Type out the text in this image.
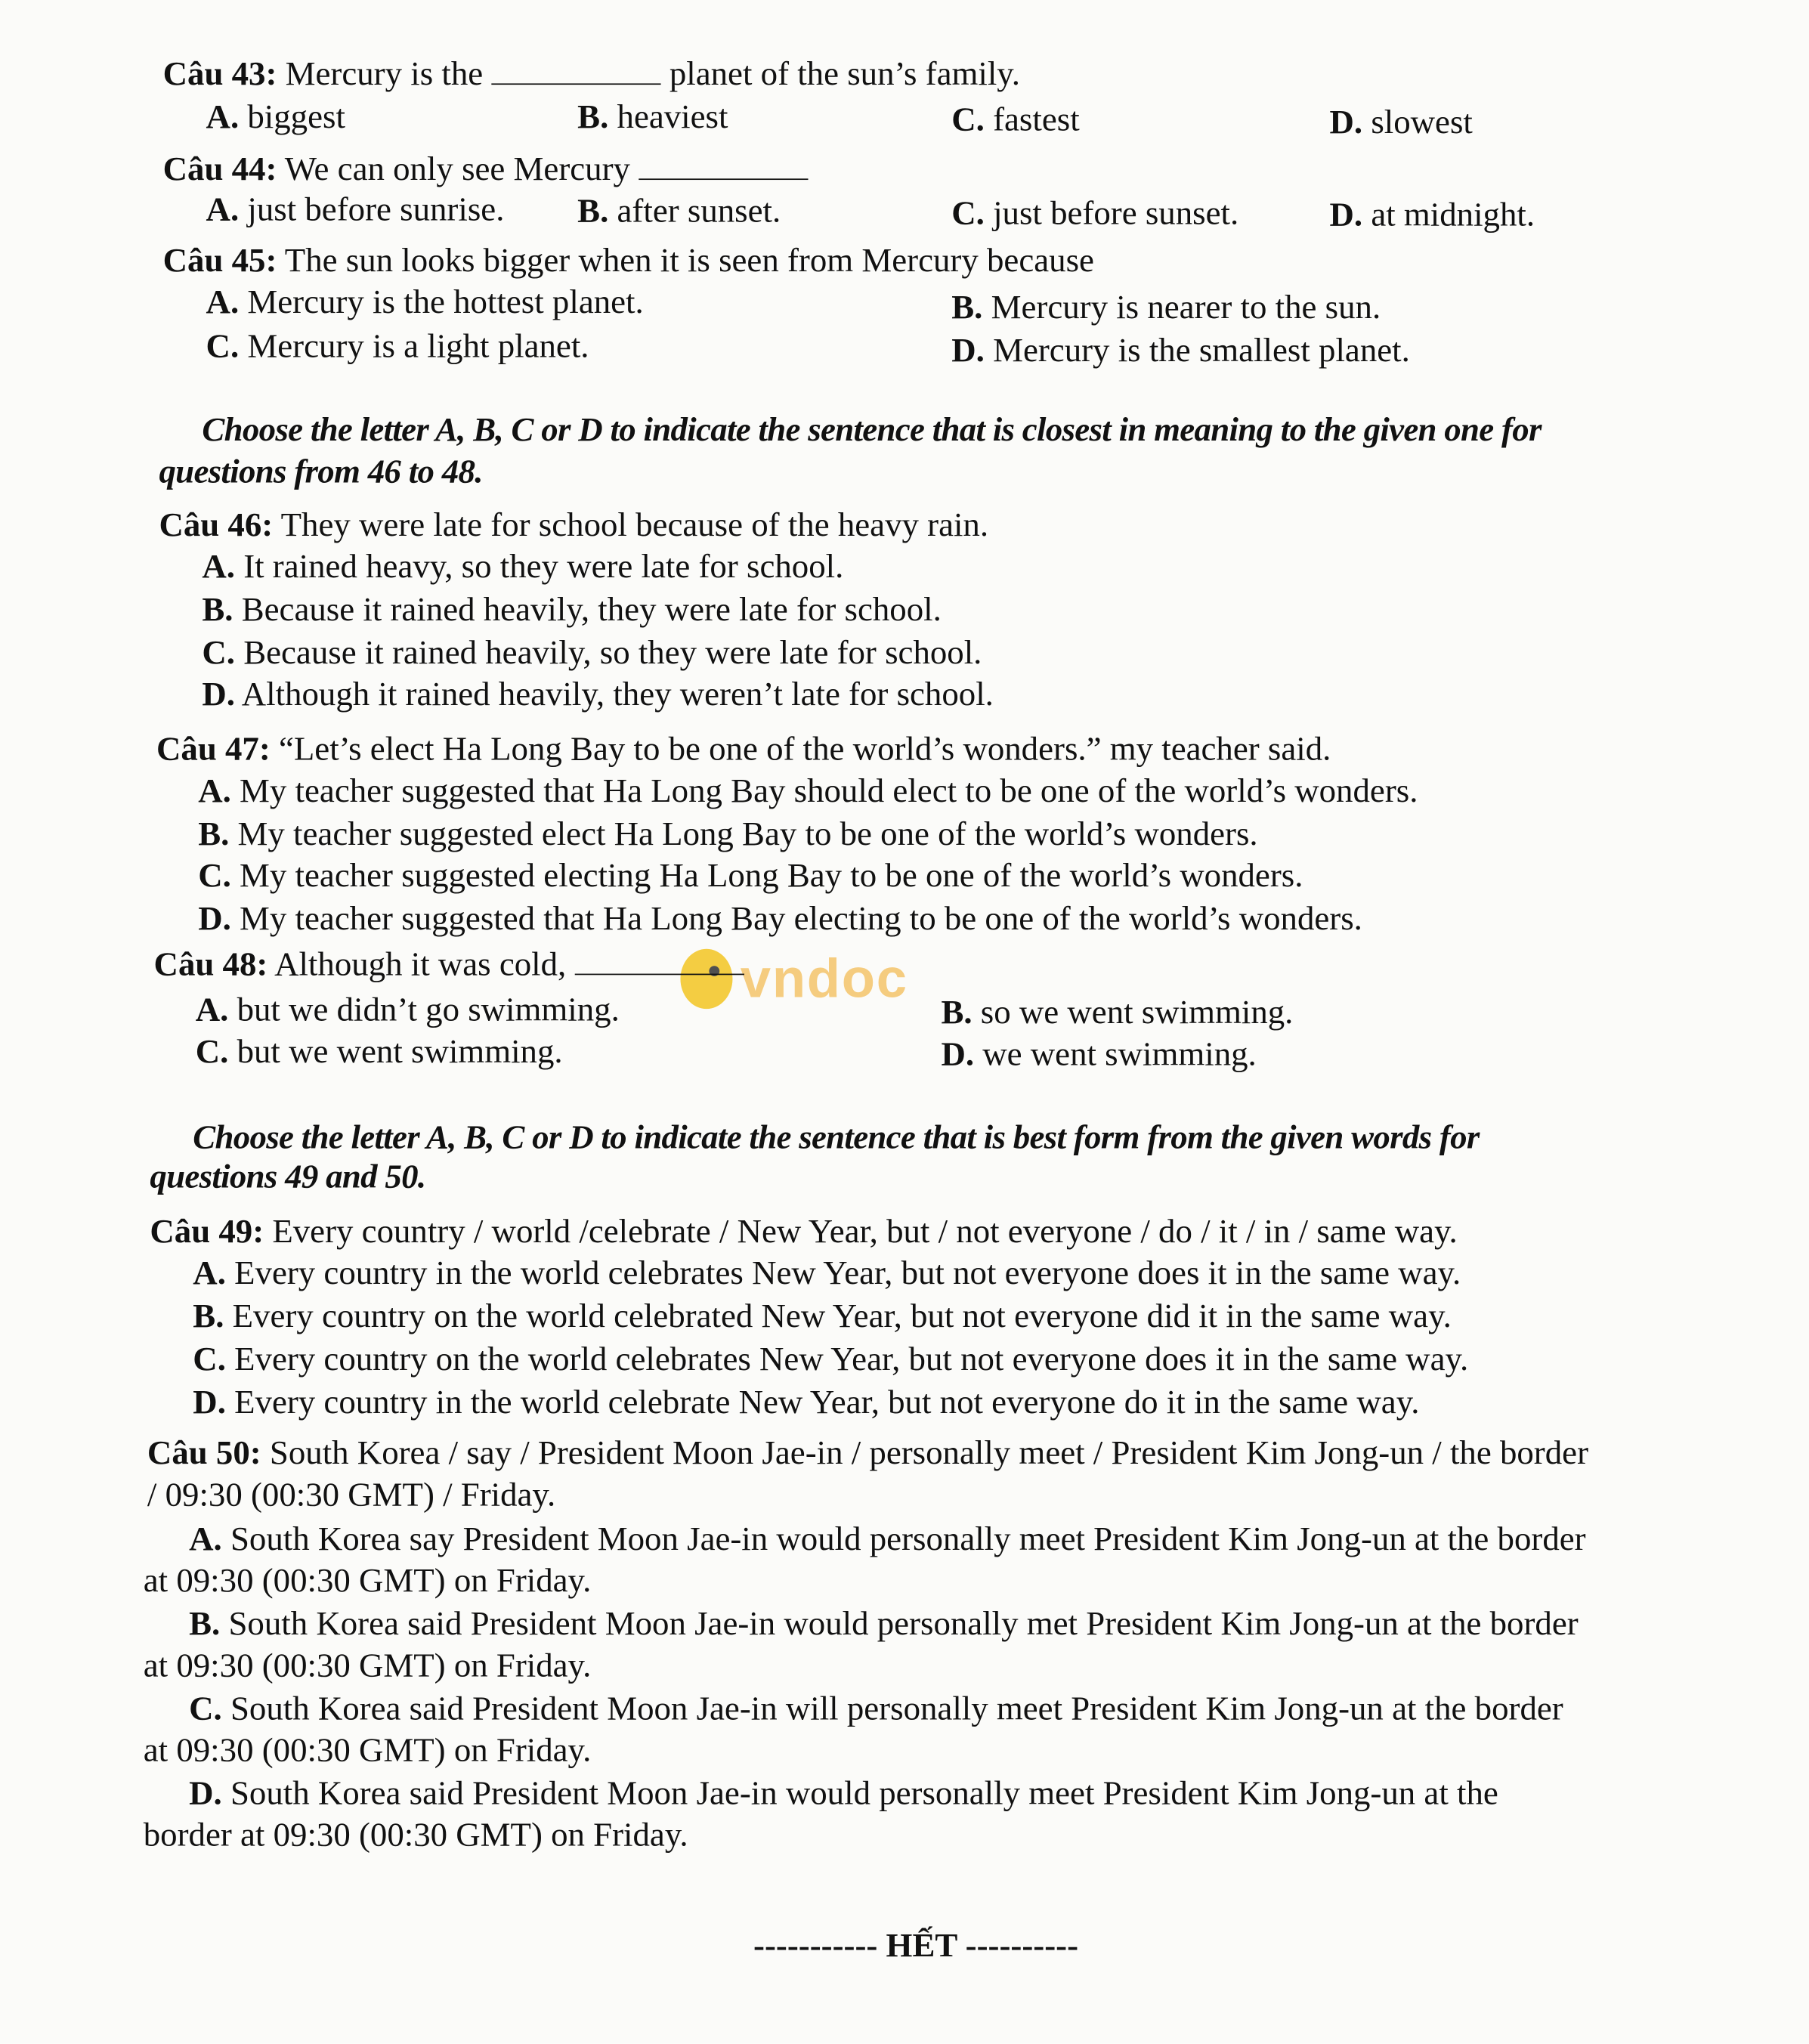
vndoc
Câu 43: Mercury is the	planet of the sun’s family.
A. biggest	B. heaviest	C. fastest	D. slowest
Câu 44: We can only see Mercury
A. just before sunrise.	B. after sunset.	C. just before sunset.	D. at midnight.
Câu 45: The sun looks bigger when it is seen from Mercury because
A. Mercury is the hottest planet.	B. Mercury is nearer to the sun.
C. Mercury is a light planet.	D. Mercury is the smallest planet.
Choose the letter A, B, C or D to indicate the sentence that is closest in meaning to the given one for
questions from 46 to 48.
Câu 46: They were late for school because of the heavy rain.
A. It rained heavy, so they were late for school.
B. Because it rained heavily, they were late for school.
C. Because it rained heavily, so they were late for school.
D. Although it rained heavily, they weren’t late for school.
Câu 47: “Let’s elect Ha Long Bay to be one of the world’s wonders.” my teacher said.
A. My teacher suggested that Ha Long Bay should elect to be one of the world’s wonders.
B. My teacher suggested elect Ha Long Bay to be one of the world’s wonders.
C. My teacher suggested electing Ha Long Bay to be one of the world’s wonders.
D. My teacher suggested that Ha Long Bay electing to be one of the world’s wonders.
Câu 48: Although it was cold,
A. but we didn’t go swimming.	B. so we went swimming.
C. but we went swimming.	D. we went swimming.
Choose the letter A, B, C or D to indicate the sentence that is best form from the given words for
questions 49 and 50.
Câu 49: Every country / world /celebrate / New Year, but / not everyone / do / it / in / same way.
A. Every country in the world celebrates New Year, but not everyone does it in the same way.
B. Every country on the world celebrated New Year, but not everyone did it in the same way.
C. Every country on the world celebrates New Year, but not everyone does it in the same way.
D. Every country in the world celebrate New Year, but not everyone do it in the same way.
Câu 50: South Korea / say / President Moon Jae-in / personally meet / President Kim Jong-un / the border
/ 09:30 (00:30 GMT) / Friday.
A. South Korea say President Moon Jae-in would personally meet President Kim Jong-un at the border
at 09:30 (00:30 GMT) on Friday.
B. South Korea said President Moon Jae-in would personally met President Kim Jong-un at the border
at 09:30 (00:30 GMT) on Friday.
C. South Korea said President Moon Jae-in will personally meet President Kim Jong-un at the border
at 09:30 (00:30 GMT) on Friday.
D. South Korea said President Moon Jae-in would personally meet President Kim Jong-un at the
border at 09:30 (00:30 GMT) on Friday.
----------- HẾT ----------
